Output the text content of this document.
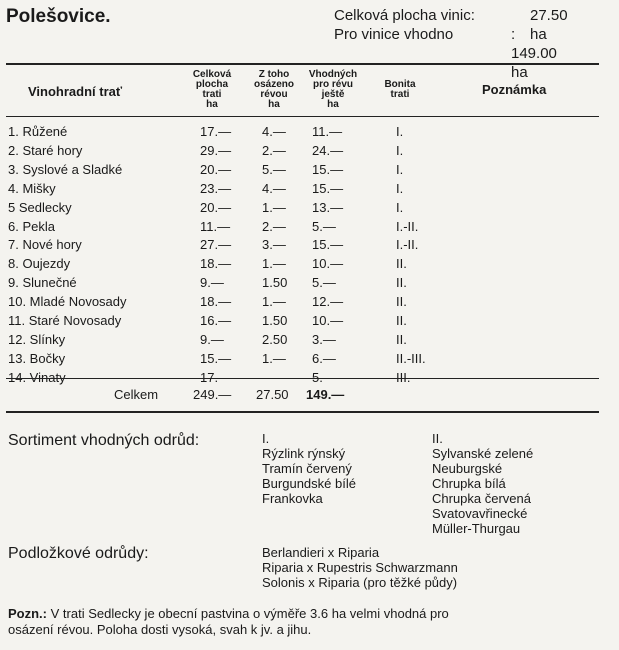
Polešovice.	Celková plocha vinic:	27.50 ha
Pro vinice vhodno	: 149.00 ha
Vinohradní trať
Celková
plocha
trati
ha
Z toho
osázeno
révou
ha
Vhodných
pro révu
ještě
ha
Bonita
trati	Poznámka
1. Růžené	17.— 4.— 11.—	I.
2. Staré hory	29.— 2.— 24.—	I.
3. Syslové a Sladké	20.— 5.— 15.—	I.
4. Mišky	23.— 4.— 15.—	I.
5 Sedlecky	20.— 1.— 13.—	I.
6. Pekla	11.— 2.— 5.—	I.-II.
7. Nové hory	27.— 3.— 15.—	I.-II.
8. Oujezdy	18.— 1.— 10.—	II.
9. Slunečné	9.—	1.50 5.—	II.
10. Mladé Novosady	18.— 1.— 12.—	II.
11. Staré Novosady	16.— 1.50 10.—	II.
12. Slínky	9.—	2.50 3.—	II.
13. Bočky	15.— 1.— 6.—	II.-III.
14. Vinaty	17.— —	5.—	III.
Celkem	249.— 27.50 149.—
Sortiment vhodných odrůd:	I.
Rýzlink rýnský
Tramín červený
Burgundské bílé
Frankovka
II.
Sylvanské zelené
Neuburgské
Chrupka bílá
Chrupka červená
Svatovavřinecké
Müller-Thurgau
Podložkové odrůdy:	Berlandieri x Riparia
Riparia x Rupestris Schwarzmann
Solonis x Riparia (pro těžké půdy)
Pozn.: V trati Sedlecky je obecní pastvina o výměře 3.6 ha velmi vhodná pro
osázení révou. Poloha dosti vysoká, svah k jv. a jihu.
